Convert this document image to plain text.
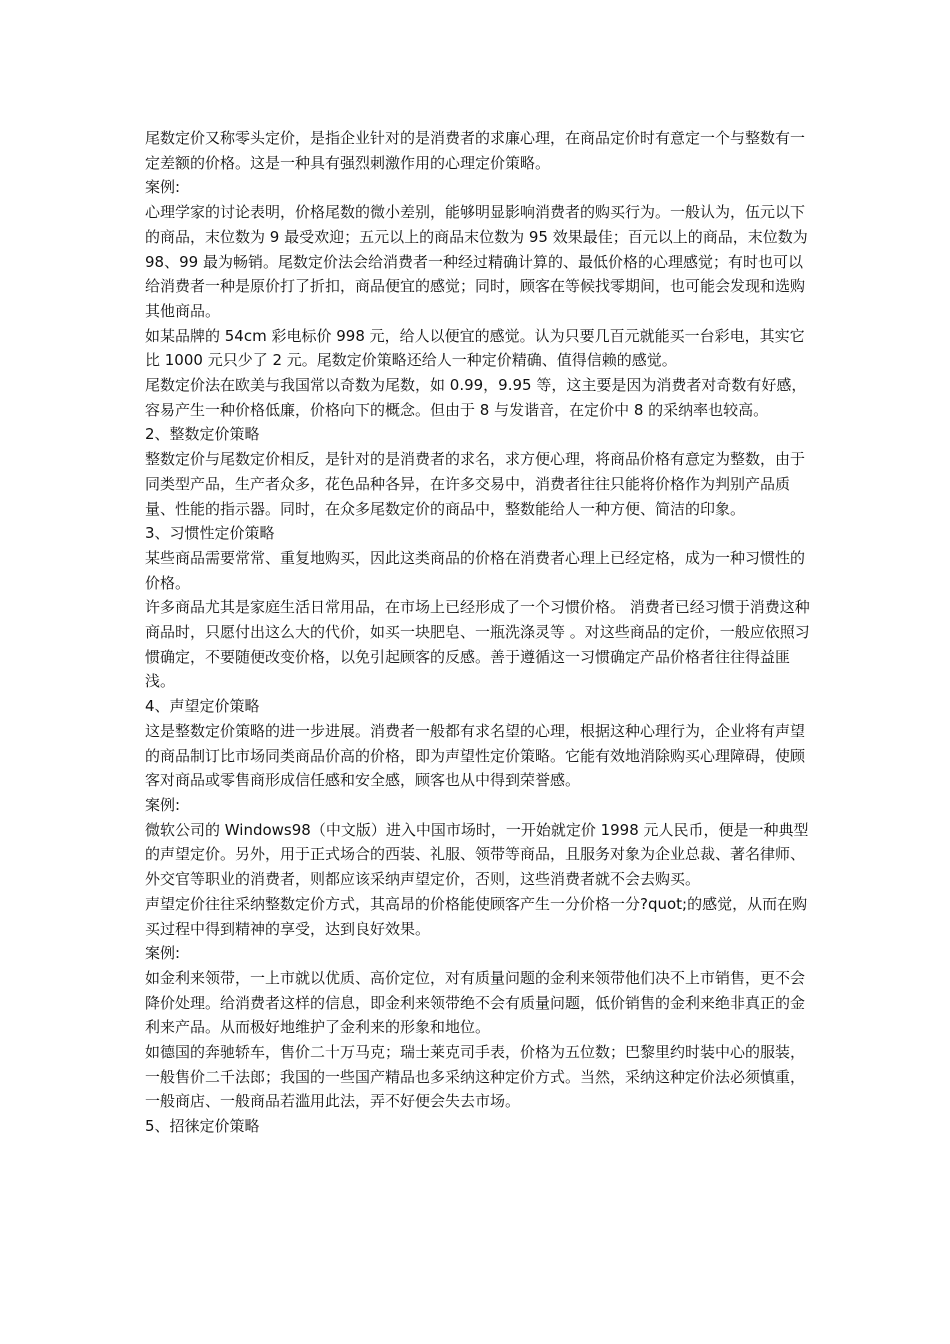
尾数定价又称零头定价，是指企业针对的是消费者的求廉心理，在商品定价时有意定一个与整数有一定差额的价格。这是一种具有强烈刺激作用的心理定价策略。

案例:

心理学家的讨论表明，价格尾数的微小差别，能够明显影响消费者的购买行为。一般认为，伍元以下的商品，末位数为 9 最受欢迎；五元以上的商品末位数为 95 效果最佳；百元以上的商品，末位数为 98、99 最为畅销。尾数定价法会给消费者一种经过精确计算的、最低价格的心理感觉；有时也可以给消费者一种是原价打了折扣，商品便宜的感觉；同时，顾客在等候找零期间，也可能会发现和选购其他商品。

如某品牌的 54cm 彩电标价 998 元，给人以便宜的感觉。认为只要几百元就能买一台彩电，其实它比 1000 元只少了 2 元。尾数定价策略还给人一种定价精确、值得信赖的感觉。

尾数定价法在欧美与我国常以奇数为尾数，如 0.99，9.95 等，这主要是因为消费者对奇数有好感，容易产生一种价格低廉，价格向下的概念。但由于 8 与发谐音，在定价中 8 的采纳率也较高。

2、整数定价策略

整数定价与尾数定价相反，是针对的是消费者的求名，求方便心理，将商品价格有意定为整数，由于同类型产品，生产者众多，花色品种各异，在许多交易中，消费者往往只能将价格作为判别产品质量、性能的指示器。同时，在众多尾数定价的商品中，整数能给人一种方便、简洁的印象。

3、习惯性定价策略

某些商品需要常常、重复地购买，因此这类商品的价格在消费者心理上已经定格，成为一种习惯性的价格。

许多商品尤其是家庭生活日常用品，在市场上已经形成了一个习惯价格。 消费者已经习惯于消费这种商品时，只愿付出这么大的代价，如买一块肥皂、一瓶洗涤灵等 。对这些商品的定价，一般应依照习惯确定，不要随便改变价格，以免引起顾客的反感。善于遵循这一习惯确定产品价格者往往得益匪浅。

4、声望定价策略

这是整数定价策略的进一步进展。消费者一般都有求名望的心理，根据这种心理行为，企业将有声望的商品制订比市场同类商品价高的价格，即为声望性定价策略。它能有效地消除购买心理障碍，使顾客对商品或零售商形成信任感和安全感，顾客也从中得到荣誉感。

案例:

微软公司的 Windows98（中文版）进入中国市场时，一开始就定价 1998 元人民币，便是一种典型的声望定价。另外，用于正式场合的西装、礼服、领带等商品，且服务对象为企业总裁、著名律师、外交官等职业的消费者，则都应该采纳声望定价，否则，这些消费者就不会去购买。

声望定价往往采纳整数定价方式，其高昂的价格能使顾客产生一分价格一分?quot;的感觉，从而在购买过程中得到精神的享受，达到良好效果。

案例:

如金利来领带，一上市就以优质、高价定位，对有质量问题的金利来领带他们决不上市销售，更不会降价处理。给消费者这样的信息，即金利来领带绝不会有质量问题，低价销售的金利来绝非真正的金利来产品。从而极好地维护了金利来的形象和地位。

如德国的奔驰轿车，售价二十万马克；瑞士莱克司手表，价格为五位数；巴黎里约时装中心的服装，一般售价二千法郎；我国的一些国产精品也多采纳这种定价方式。当然，采纳这种定价法必须慎重，一般商店、一般商品若滥用此法，弄不好便会失去市场。

5、招徕定价策略
